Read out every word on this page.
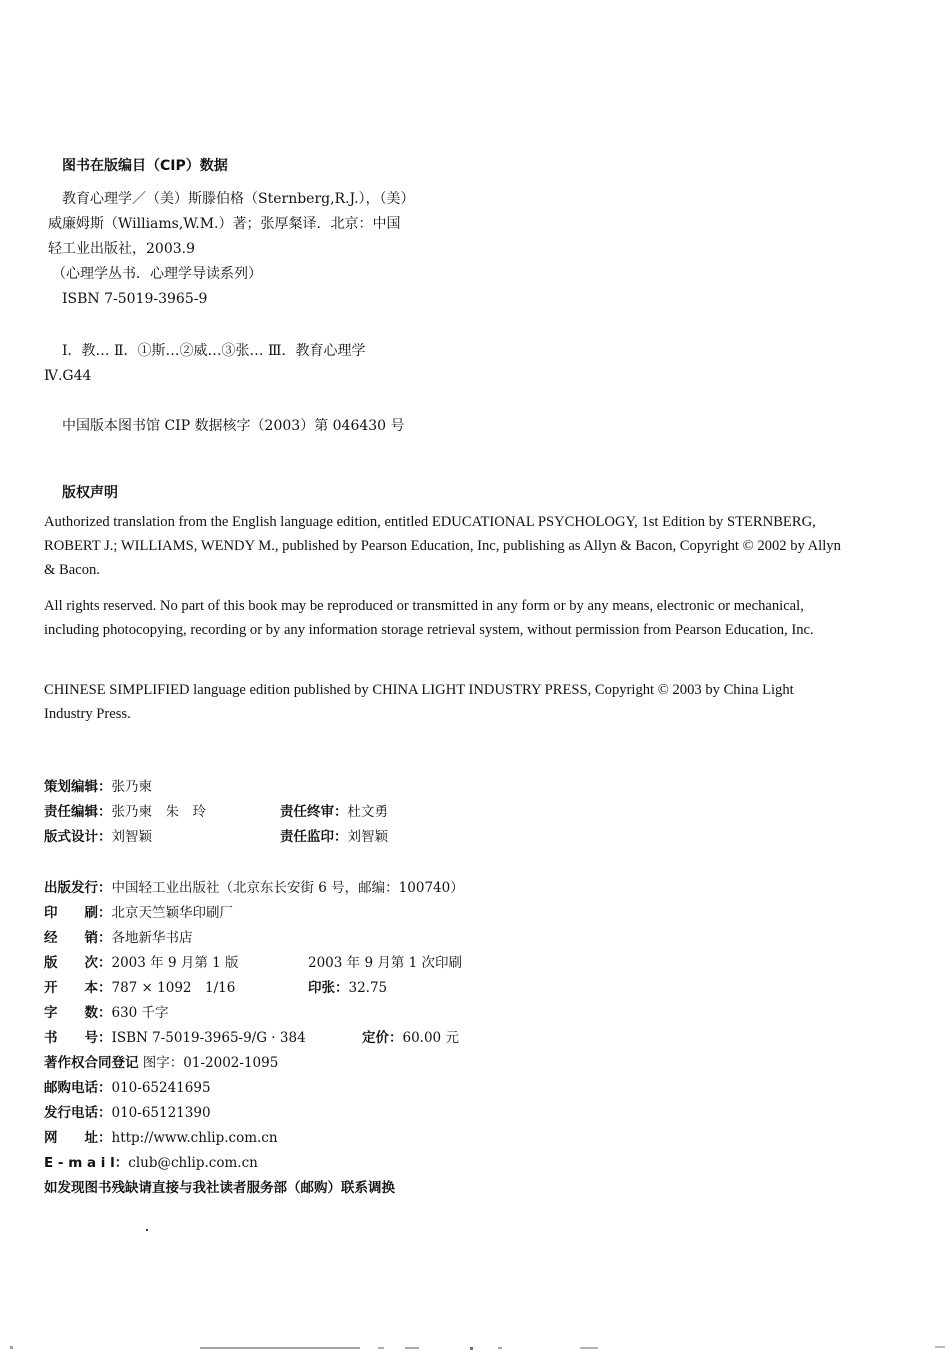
图书在版编目（CIP）数据
教育心理学／（美）斯滕伯格（Sternberg,R.J.），（美）
威廉姆斯（Williams,W.M.）著；张厚粲译．北京：中国
轻工业出版社，2003.9
（心理学丛书．心理学导读系列）
ISBN 7-5019-3965-9
Ⅰ．教… Ⅱ．①斯…②威…③张… Ⅲ．教育心理学
Ⅳ.G44
中国版本图书馆 CIP 数据核字（2003）第 046430 号
版权声明
Authorized translation from the English language edition, entitled EDUCATIONAL PSYCHOLOGY, 1st Edition by STERNBERG, ROBERT J.; WILLIAMS, WENDY M., published by Pearson Education, Inc, publishing as Allyn & Bacon, Copyright © 2002 by Allyn & Bacon.
All rights reserved. No part of this book may be reproduced or transmitted in any form or by any means, electronic or mechanical, including photocopying, recording or by any information storage retrieval system, without permission from Pearson Education, Inc.
CHINESE SIMPLIFIED language edition published by CHINA LIGHT INDUSTRY PRESS, Copyright © 2003 by China Light Industry Press.
策划编辑：张乃柬
责任编辑：张乃柬　朱　玲	责任终审：杜文勇
版式设计：刘智颖	责任监印：刘智颖
出版发行：中国轻工业出版社（北京东长安街 6 号，邮编：100740）
印　　刷：北京天竺颖华印刷厂
经　　销：各地新华书店
版　　次：2003 年 9 月第 1 版	2003 年 9 月第 1 次印刷
开　　本：787 × 1092　1/16	印张：32.75
字　　数：630 千字
书　　号：ISBN 7-5019-3965-9/G · 384	定价：60.00 元
著作权合同登记 图字：01-2002-1095
邮购电话：010-65241695
发行电话：010-65121390
网　　址：http://www.chlip.com.cn
E - m a i l：club@chlip.com.cn
如发现图书残缺请直接与我社读者服务部（邮购）联系调换
